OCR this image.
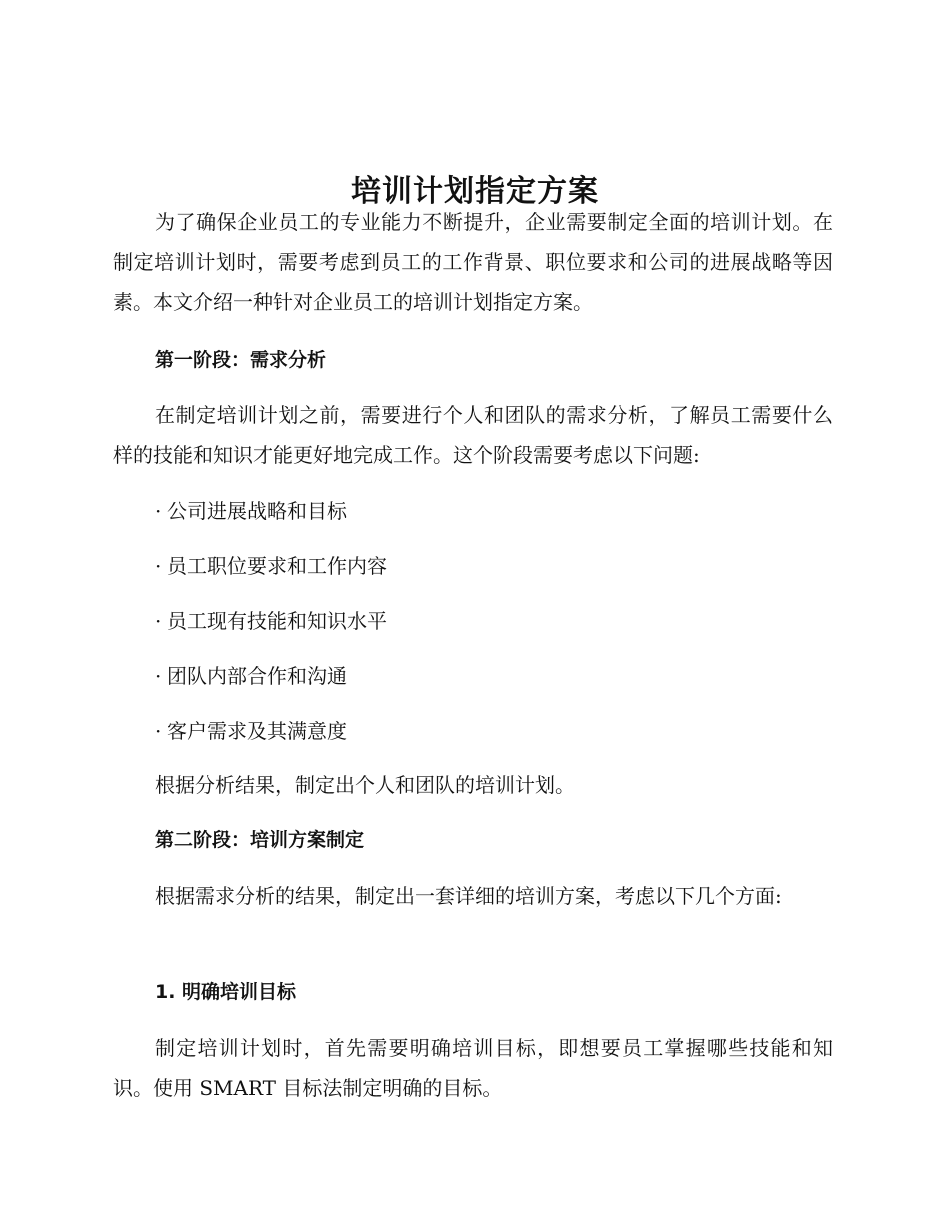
培训计划指定方案

为了确保企业员工的专业能力不断提升，企业需要制定全面的培训计划。在制定培训计划时，需要考虑到员工的工作背景、职位要求和公司的进展战略等因素。本文介绍一种针对企业员工的培训计划指定方案。

第一阶段：需求分析

在制定培训计划之前，需要进行个人和团队的需求分析，了解员工需要什么样的技能和知识才能更好地完成工作。这个阶段需要考虑以下问题:

· 公司进展战略和目标
· 员工职位要求和工作内容
· 员工现有技能和知识水平
· 团队内部合作和沟通
· 客户需求及其满意度

根据分析结果，制定出个人和团队的培训计划。

第二阶段：培训方案制定

根据需求分析的结果，制定出一套详细的培训方案，考虑以下几个方面:

1. 明确培训目标

制定培训计划时，首先需要明确培训目标，即想要员工掌握哪些技能和知识。使用 SMART 目标法制定明确的目标。
